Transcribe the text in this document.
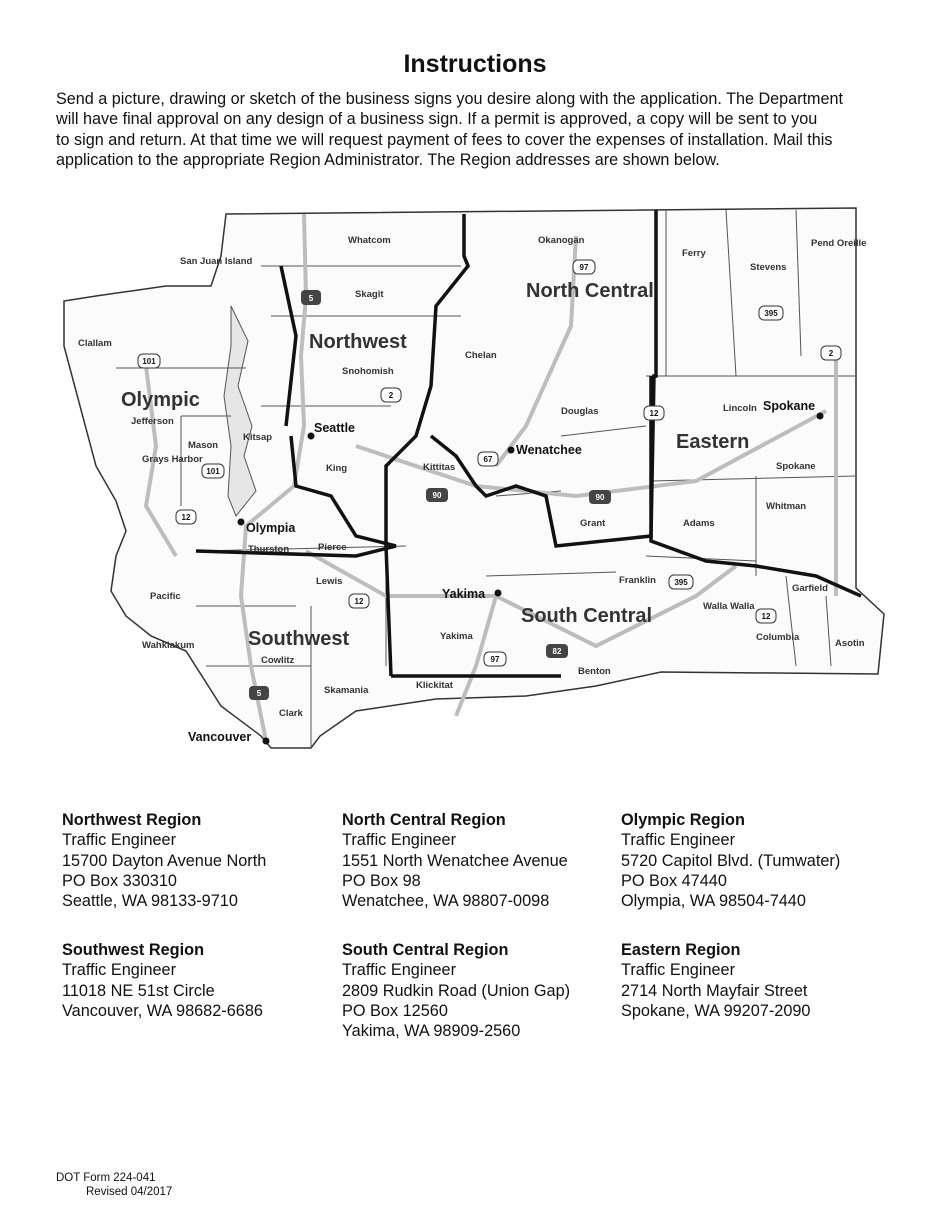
Instructions
Send a picture, drawing or sketch of the business signs you desire along with the application. The Department
will have final approval on any design of a business sign. If a permit is approved, a copy will be sent to you
to sign and return. At that time we will request payment of fees to cover the expenses of installation. Mail this
application to the appropriate Region Administrator. The Region addresses are shown below.
Northwest
North Central
Olympic
Eastern
Southwest
South Central
Whatcom	Okanogan
Ferry
Stevens
Pend Oreille
San Juan Island
Skagit
Clallam
Snohomish
Chelan
Jefferson
Douglas	Lincoln
Kitsap
Mason
Grays Harbor
King	Kittitas	Spokane
Whitman
Adams
Grant
Thurston	Pierce
Lewis
Pacific
Franklin
Garfield
Walla Walla
Columbia
Asotin
Wahkiakum
Cowlitz
Yakima
Benton
Skamania	Klickitat
Clark
Seattle
Wenatchee
Spokane
Olympia
Yakima
Vancouver
5
97
395
101
2
12
90
82
101
12
2
67
395
90
97
12
5
12
Northwest Region
Traffic Engineer
15700 Dayton Avenue North
PO Box 330310
Seattle, WA 98133-9710
North Central Region
Traffic Engineer
1551 North Wenatchee Avenue
PO Box 98
Wenatchee, WA 98807-0098
Olympic Region
Traffic Engineer
5720 Capitol Blvd. (Tumwater)
PO Box 47440
Olympia, WA 98504-7440
Southwest Region
Traffic Engineer
11018 NE 51st Circle
Vancouver, WA 98682-6686
South Central Region
Traffic Engineer
2809 Rudkin Road (Union Gap)
PO Box 12560
Yakima, WA 98909-2560
Eastern Region
Traffic Engineer
2714 North Mayfair Street
Spokane, WA 99207-2090
DOT Form 224-041
Revised 04/2017
